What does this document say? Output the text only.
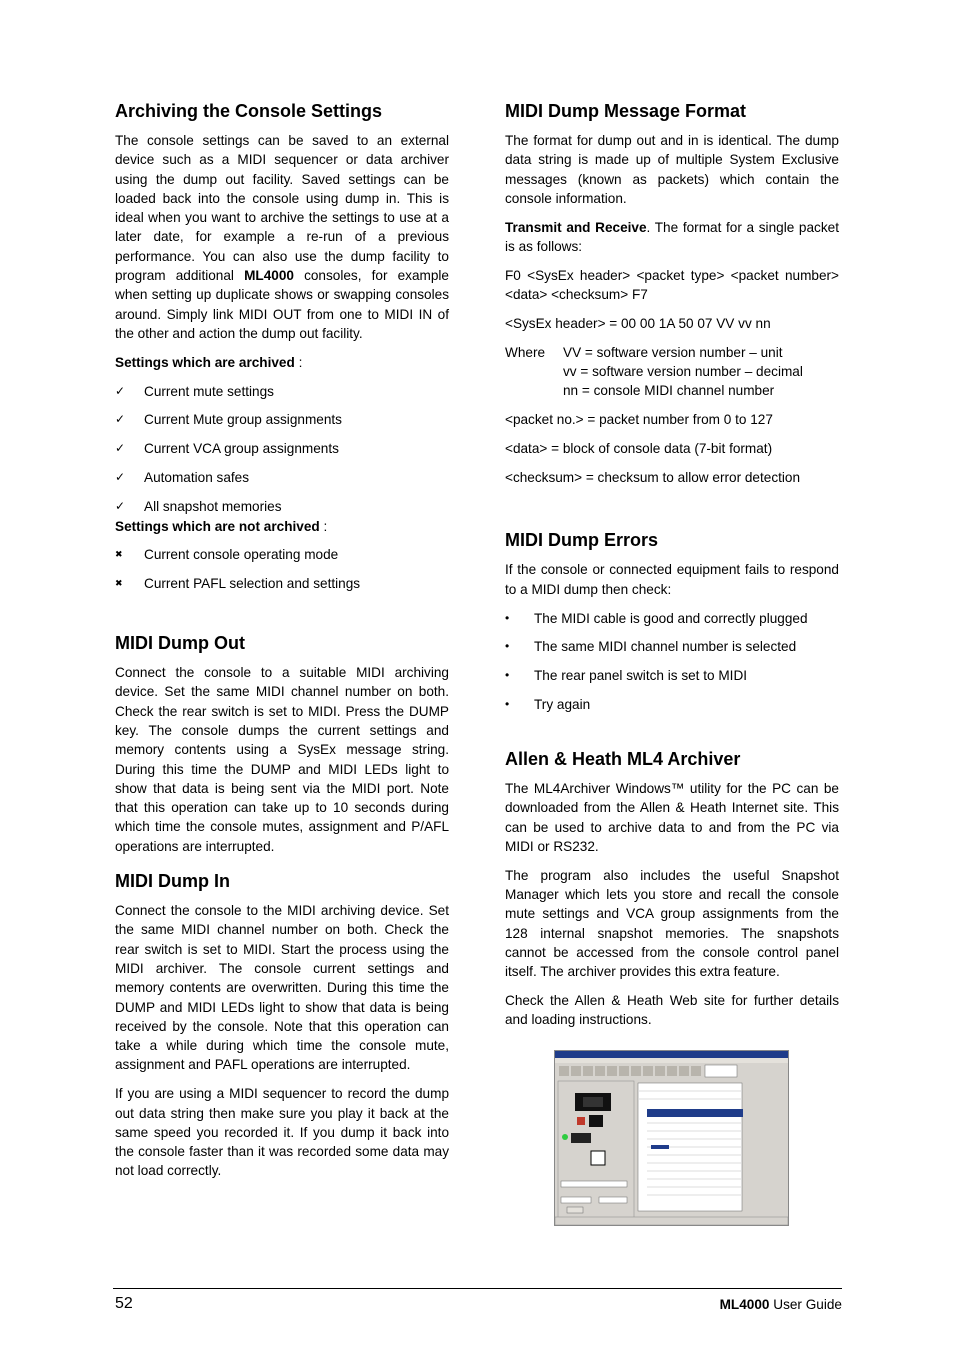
Archiving the Console Settings

The console settings can be saved to an external device such as a MIDI sequencer or data archiver using the dump out facility. Saved settings can be loaded back into the console using dump in. This is ideal when you want to archive the settings to use at a later date, for example a re-run of a previous performance. You can also use the dump facility to program additional ML4000 consoles, for example when setting up duplicate shows or swapping consoles around. Simply link MIDI OUT from one to MIDI IN of the other and action the dump out facility.

Settings which are archived :

✓	Current mute settings
✓	Current Mute group assignments
✓	Current VCA group assignments
✓	Automation safes
✓	All snapshot memories

Settings which are not archived :

✖	Current console operating mode
✖	Current PAFL selection and settings
MIDI Dump Out

Connect the console to a suitable MIDI archiving device. Set the same MIDI channel number on both. Check the rear switch is set to MIDI. Press the DUMP key. The console dumps the current settings and memory contents using a SysEx message string. During this time the DUMP and MIDI LEDs light to show that data is being sent via the MIDI port. Note that this operation can take up to 10 seconds during which time the console mutes, assignment and P/AFL operations are interrupted.

MIDI Dump In

Connect the console to the MIDI archiving device. Set the same MIDI channel number on both. Check the rear switch is set to MIDI. Start the process using the MIDI archiver. The console current settings and memory contents are overwritten. During this time the DUMP and MIDI LEDs light to show that data is being received by the console. Note that this operation can take a while during which time the console mute, assignment and PAFL operations are interrupted.

If you are using a MIDI sequencer to record the dump out data string then make sure you play it back at the same speed you recorded it. If you dump it back into the console faster than it was recorded some data may not load correctly.

MIDI Dump Message Format

The format for dump out and in is identical. The dump data string is made up of multiple System Exclusive messages (known as packets) which contain the console information.

Transmit and Receive. The format for a single packet is as follows:

F0 <SysEx header> <packet type> <packet number> <data> <checksum> F7

<SysEx header> = 00 00 1A 50 07 VV vv nn
Where	VV = software version number – unit
vv = software version number – decimal
nn = console MIDI channel number
<packet no.> = packet number from 0 to 127
<data> = block of console data (7-bit format)
<checksum> = checksum to allow error detection
MIDI Dump Errors

If the console or connected equipment fails to respond to a MIDI dump then check:

•	The MIDI cable is good and correctly plugged
•	The same MIDI channel number is selected
•	The rear panel switch is set to MIDI
•	Try again
Allen & Heath ML4 Archiver

The ML4Archiver Windows™ utility for the PC can be downloaded from the Allen & Heath Internet site. This can be used to archive data to and from the PC via MIDI or RS232.

The program also includes the useful Snapshot Manager which lets you store and recall the console mute settings and VCA group assignments from the 128 internal snapshot memories. The snapshots cannot be accessed from the console control panel itself. The archiver provides this extra feature.

Check the Allen & Heath Web site for further details and loading instructions.

52	ML4000 User Guide
